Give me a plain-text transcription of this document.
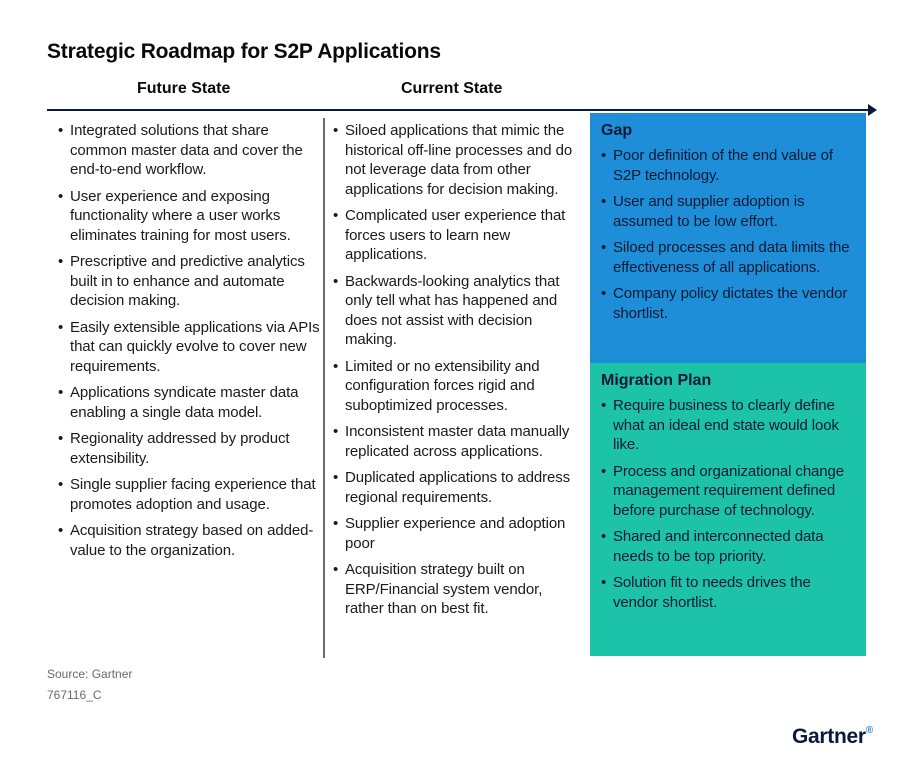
Strategic Roadmap for S2P Applications
Future State	Current State
• Integrated solutions that share common master data and cover the end-to-end workflow.
• User experience and exposing functionality where a user works eliminates training for most users.
• Prescriptive and predictive analytics built in to enhance and automate decision making.
• Easily extensible applications via APIs that can quickly evolve to cover new requirements.
• Applications syndicate master data enabling a single data model.
• Regionality addressed by product extensibility.
• Single supplier facing experience that promotes adoption and usage.
• Acquisition strategy based on added-value to the organization.
• Siloed applications that mimic the historical off-line processes and do not leverage data from other applications for decision making.
• Complicated user experience that forces users to learn new applications.
• Backwards-looking analytics that only tell what has happened and does not assist with decision making.
• Limited or no extensibility and configuration forces rigid and suboptimized processes.
• Inconsistent master data manually replicated across applications.
• Duplicated applications to address regional requirements.
• Supplier experience and adoption poor
• Acquisition strategy built on ERP/Financial system vendor, rather than on best fit.
Gap
• Poor definition of the end value of S2P technology.
• User and supplier adoption is assumed to be low effort.
• Siloed processes and data limits the effectiveness of all applications.
• Company policy dictates the vendor shortlist.
Migration Plan
• Require business to clearly define what an ideal end state would look like.
• Process and organizational change management requirement defined before purchase of technology.
• Shared and interconnected data needs to be top priority.
• Solution fit to needs drives the vendor shortlist.
Source: Gartner
767116_C
Gartner®
